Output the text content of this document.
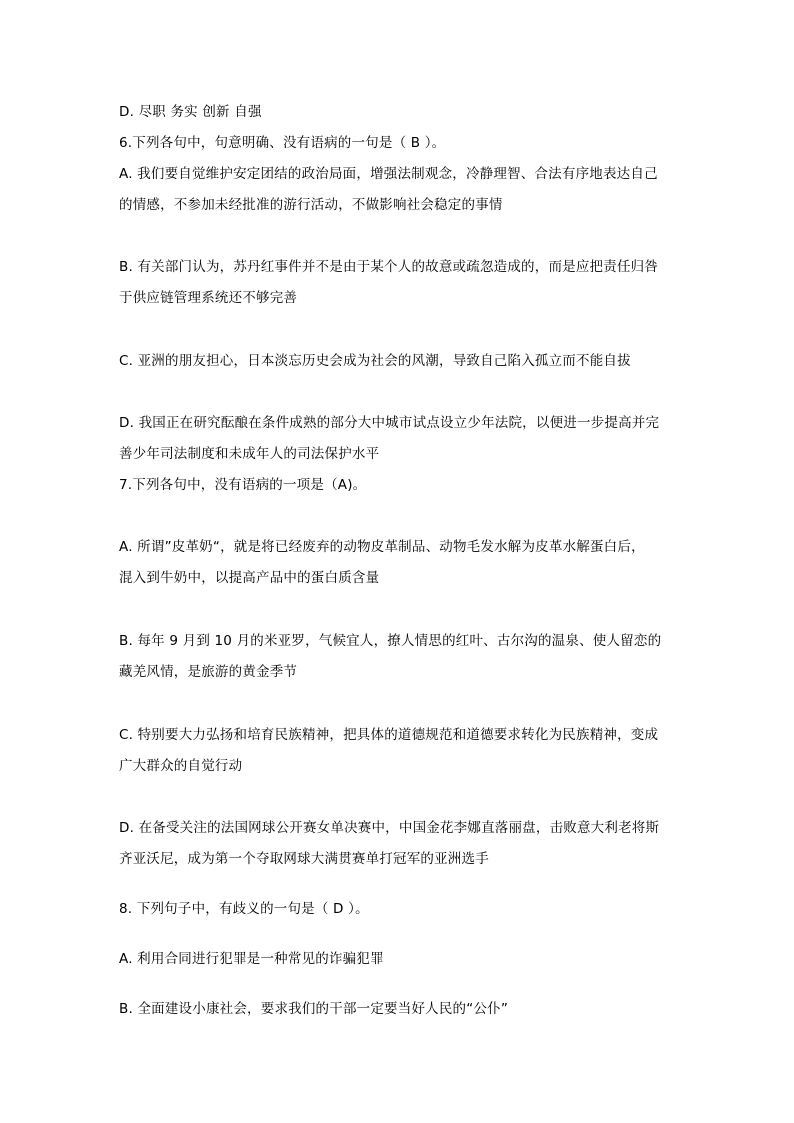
D. 尽职 务实 创新 自强
6.下列各句中，句意明确、没有语病的一句是（ B ）。
A. 我们要自觉维护安定团结的政治局面，增强法制观念，冷静理智、合法有序地表达自己
的情感，不参加未经批准的游行活动，不做影响社会稳定的事情
B. 有关部门认为，苏丹红事件并不是由于某个人的故意或疏忽造成的，而是应把责任归咎
于供应链管理系统还不够完善
C. 亚洲的朋友担心，日本淡忘历史会成为社会的风潮，导致自己陷入孤立而不能自拔
D. 我国正在研究酝酿在条件成熟的部分大中城市试点设立少年法院，以便进一步提高并完
善少年司法制度和未成年人的司法保护水平
7.下列各句中，没有语病的一项是（A)。
A. 所谓”皮革奶“，就是将已经废弃的动物皮革制品、动物毛发水解为皮革水解蛋白后，
混入到牛奶中，以提高产品中的蛋白质含量
B. 每年 9 月到 10 月的米亚罗，气候宜人，撩人情思的红叶、古尔沟的温泉、使人留恋的
藏羌风情，是旅游的黄金季节
C. 特别要大力弘扬和培育民族精神，把具体的道德规范和道德要求转化为民族精神，变成
广大群众的自觉行动
D. 在备受关注的法国网球公开赛女单决赛中，中国金花李娜直落丽盘，击败意大利老将斯
齐亚沃尼，成为第一个夺取网球大满贯赛单打冠军的亚洲选手
8. 下列句子中，有歧义的一句是（ D ）。
A. 利用合同进行犯罪是一种常见的诈骗犯罪
B. 全面建设小康社会，要求我们的干部一定要当好人民的“公仆”
